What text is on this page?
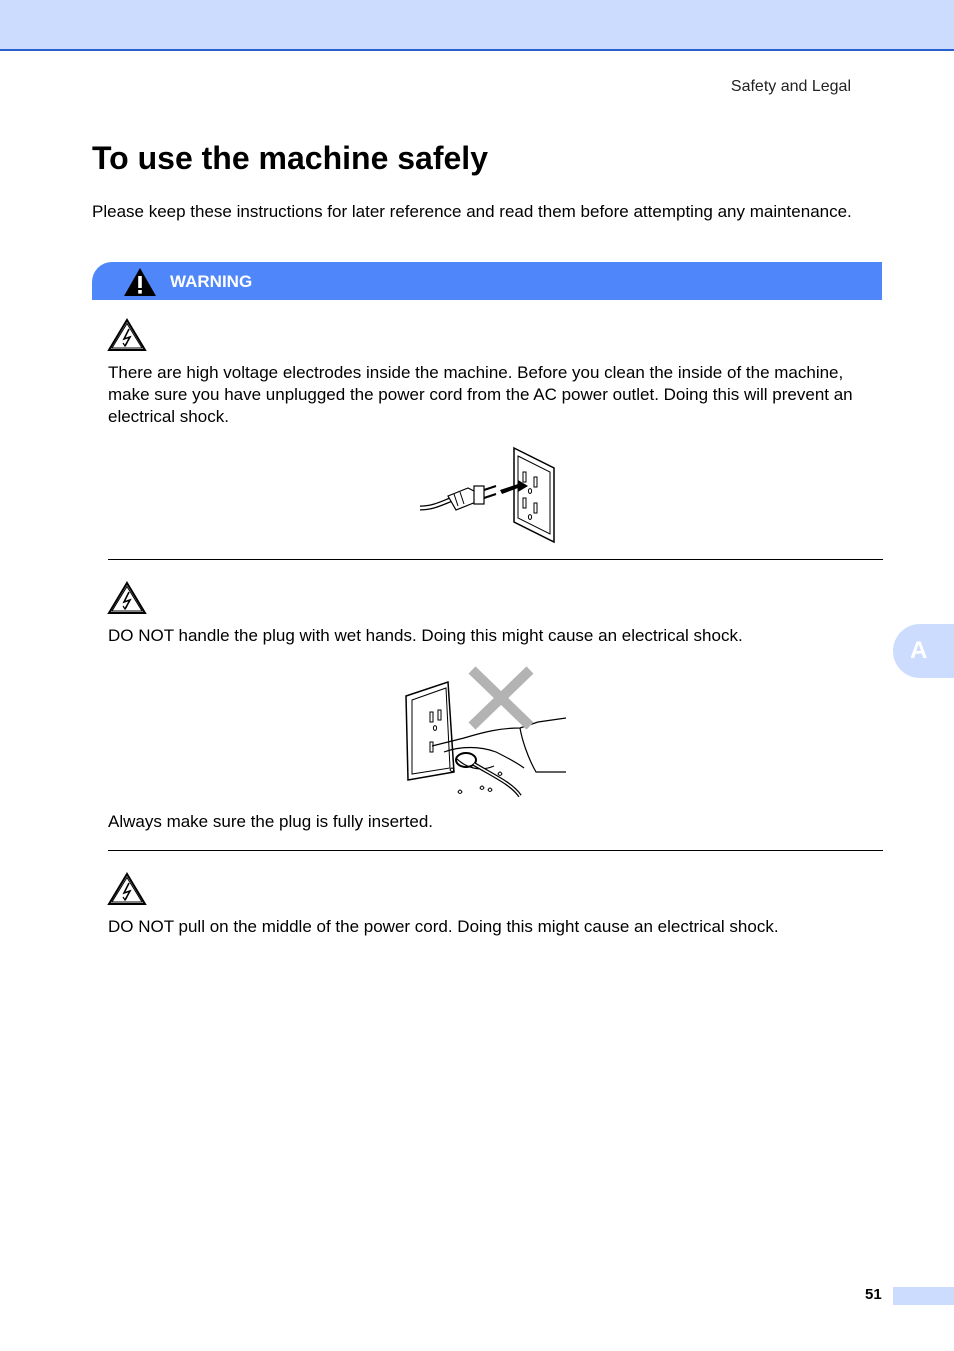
Safety and Legal
To use the machine safely

Please keep these instructions for later reference and read them before attempting any maintenance.

WARNING

There are high voltage electrodes inside the machine. Before you clean the inside of the machine, make sure you have unplugged the power cord from the AC power outlet. Doing this will prevent an electrical shock.

DO NOT handle the plug with wet hands. Doing this might cause an electrical shock.

Always make sure the plug is fully inserted.

DO NOT pull on the middle of the power cord. Doing this might cause an electrical shock.

A
51
